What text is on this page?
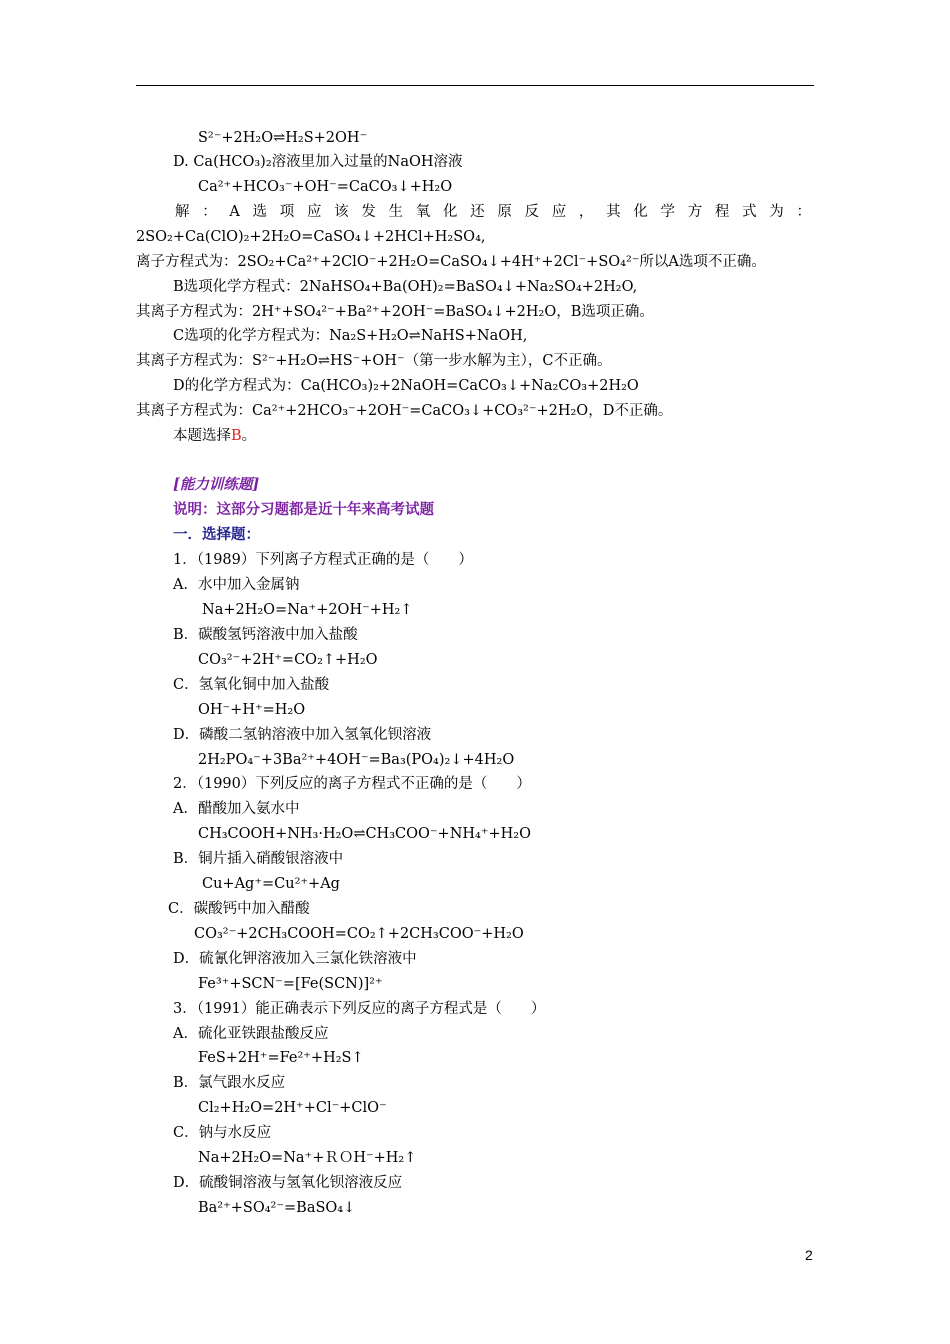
S²⁻+2H₂O⇌H₂S+2OH⁻
D. Ca(HCO₃)₂溶液里加入过量的NaOH溶液
Ca²⁺+HCO₃⁻+OH⁻=CaCO₃↓+H₂O
解：A选项应该发生氧化还原反应，其化学方程式为：
2SO₂+Ca(ClO)₂+2H₂O=CaSO₄↓+2HCl+H₂SO₄,
离子方程式为：2SO₂+Ca²⁺+2ClO⁻+2H₂O=CaSO₄↓+4H⁺+2Cl⁻+SO₄²⁻所以A选项不正确。
B选项化学方程式：2NaHSO₄+Ba(OH)₂=BaSO₄↓+Na₂SO₄+2H₂O,
其离子方程式为：2H⁺+SO₄²⁻+Ba²⁺+2OH⁻=BaSO₄↓+2H₂O，B选项正确。
C选项的化学方程式为：Na₂S+H₂O⇌NaHS+NaOH,
其离子方程式为：S²⁻+H₂O⇌HS⁻+OH⁻（第一步水解为主），C不正确。
D的化学方程式为：Ca(HCO₃)₂+2NaOH=CaCO₃↓+Na₂CO₃+2H₂O
其离子方程式为：Ca²⁺+2HCO₃⁻+2OH⁻=CaCO₃↓+CO₃²⁻+2H₂O，D不正确。
本题选择B。
[能力训练题]
说明：这部分习题都是近十年来高考试题
一．选择题：
1．（1989）下列离子方程式正确的是（　　）
A．水中加入金属钠
Na+2H₂O=Na⁺+2OH⁻+H₂↑
B．碳酸氢钙溶液中加入盐酸
CO₃²⁻+2H⁺=CO₂↑+H₂O
C．氢氧化铜中加入盐酸
OH⁻+H⁺=H₂O
D．磷酸二氢钠溶液中加入氢氧化钡溶液
2H₂PO₄⁻+3Ba²⁺+4OH⁻=Ba₃(PO₄)₂↓+4H₂O
2．（1990）下列反应的离子方程式不正确的是（　　）
A．醋酸加入氨水中
CH₃COOH+NH₃·H₂O⇌CH₃COO⁻+NH₄⁺+H₂O
B．铜片插入硝酸银溶液中
Cu+Ag⁺=Cu²⁺+Ag
C．碳酸钙中加入醋酸
CO₃²⁻+2CH₃COOH=CO₂↑+2CH₃COO⁻+H₂O
D．硫氰化钾溶液加入三氯化铁溶液中
Fe³⁺+SCN⁻=[Fe(SCN)]²⁺
3．（1991）能正确表示下列反应的离子方程式是（　　）
A．硫化亚铁跟盐酸反应
FeS+2H⁺=Fe²⁺+H₂S↑
B．氯气跟水反应
Cl₂+H₂O=2H⁺+Cl⁻+ClO⁻
C．钠与水反应
Na+2H₂O=Na⁺+ＲＯH⁻+H₂↑
D．硫酸铜溶液与氢氧化钡溶液反应
Ba²⁺+SO₄²⁻=BaSO₄↓
2
